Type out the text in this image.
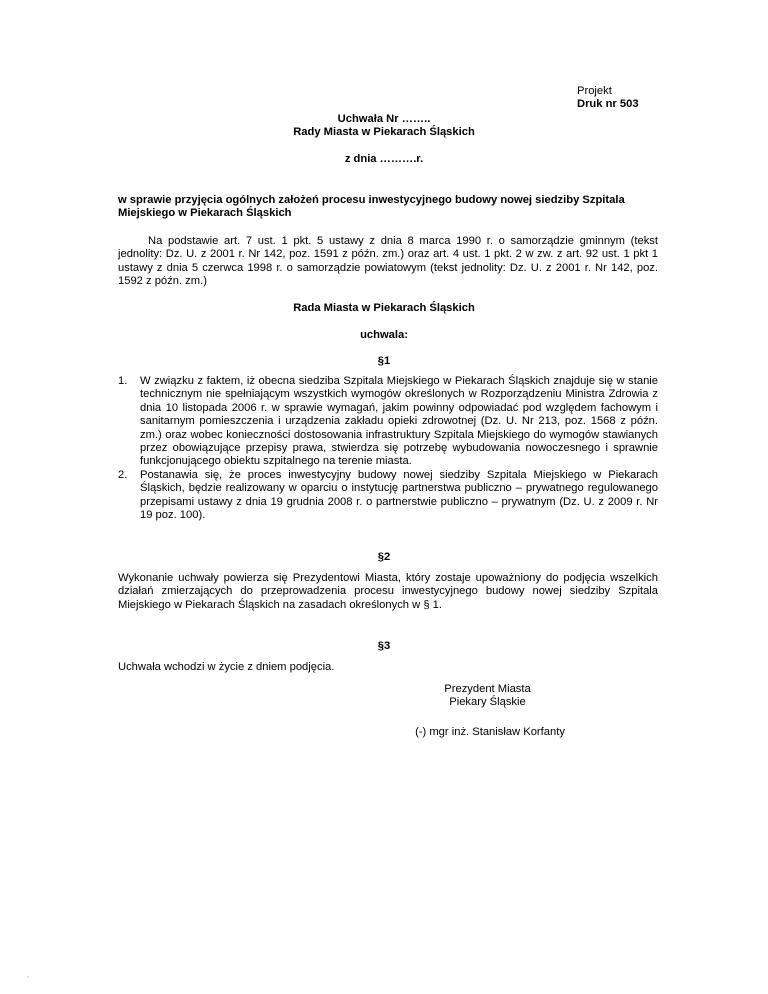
Projekt
Druk nr 503
Uchwała Nr ……..
Rady Miasta w Piekarach Śląskich
z dnia ……….r.
w sprawie przyjęcia ogólnych założeń procesu inwestycyjnego budowy nowej siedziby Szpitala Miejskiego w Piekarach Śląskich
Na podstawie art. 7 ust. 1 pkt. 5 ustawy z dnia 8 marca 1990 r. o samorządzie gminnym (tekst jednolity: Dz. U. z 2001 r. Nr 142, poz. 1591 z późn. zm.) oraz art. 4 ust. 1 pkt. 2 w zw. z art. 92 ust. 1 pkt 1 ustawy z dnia 5 czerwca 1998 r. o samorządzie powiatowym (tekst jednolity: Dz. U. z 2001 r. Nr 142, poz. 1592 z późn. zm.)
Rada Miasta w Piekarach Śląskich
uchwala:
§1
1. W związku z faktem, iż obecna siedziba Szpitala Miejskiego w Piekarach Śląskich znajduje się w stanie technicznym nie spełniającym wszystkich wymogów określonych w Rozporządzeniu Ministra Zdrowia z dnia 10 listopada 2006 r. w sprawie wymagań, jakim powinny odpowiadać pod względem fachowym i sanitarnym pomieszczenia i urządzenia zakładu opieki zdrowotnej (Dz. U. Nr 213, poz. 1568 z późn. zm.) oraz wobec konieczności dostosowania infrastruktury Szpitala Miejskiego do wymogów stawianych przez obowiązujące przepisy prawa, stwierdza się potrzebę wybudowania nowoczesnego i sprawnie funkcjonującego obiektu szpitalnego na terenie miasta.
2. Postanawia się, że proces inwestycyjny budowy nowej siedziby Szpitala Miejskiego w Piekarach Śląskich, będzie realizowany w oparciu o instytucję partnerstwa publiczno – prywatnego regulowanego przepisami ustawy z dnia 19 grudnia 2008 r. o partnerstwie publiczno – prywatnym (Dz. U. z 2009 r. Nr 19 poz. 100).
§2
Wykonanie uchwały powierza się Prezydentowi Miasta, który zostaje upoważniony do podjęcia wszelkich działań zmierzających do przeprowadzenia procesu inwestycyjnego budowy nowej siedziby Szpitala Miejskiego w Piekarach Śląskich na zasadach określonych w § 1.
§3
Uchwała wchodzi w życie z dniem podjęcia.
Prezydent Miasta
Piekary Śląskie
(-) mgr inż. Stanisław Korfanty
